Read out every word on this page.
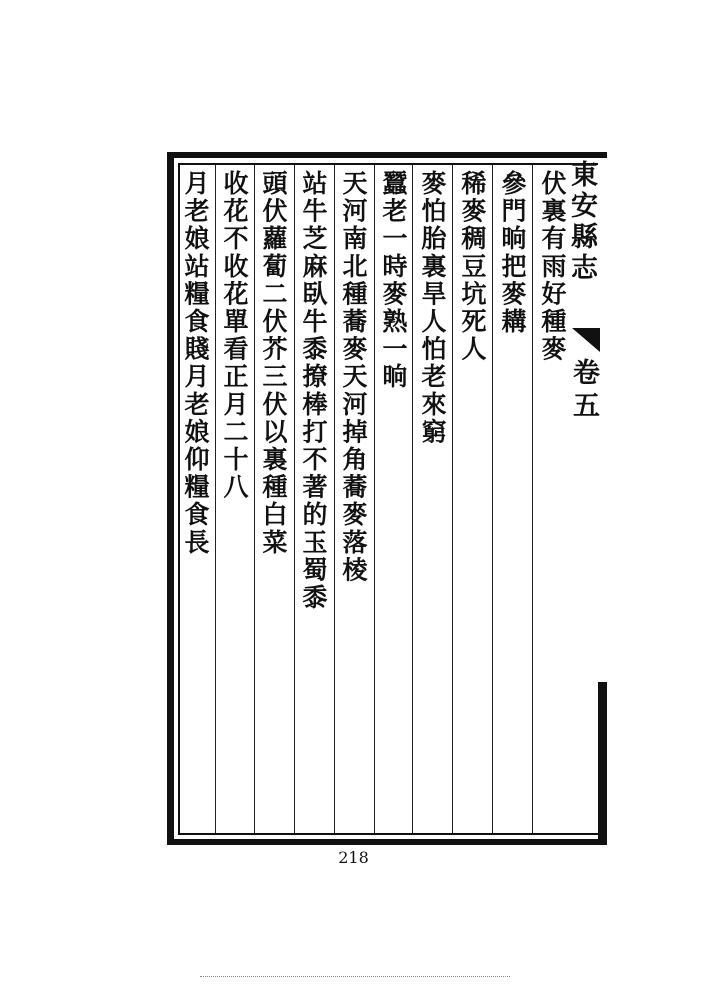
東安縣志
卷五
伏裏有雨好種麥
參門晌把麥耩
稀麥稠豆坑死人
麥怕胎裏旱人怕老來窮
蠶老一時麥熟一晌
天河南北種蕎麥天河掉角蕎麥落棱
站牛芝麻臥牛黍撩棒打不著的玉蜀黍
頭伏蘿蔔二伏芥三伏以裏種白菜
收花不收花單看正月二十八
月老娘站糧食賤月老娘仰糧食長
218
